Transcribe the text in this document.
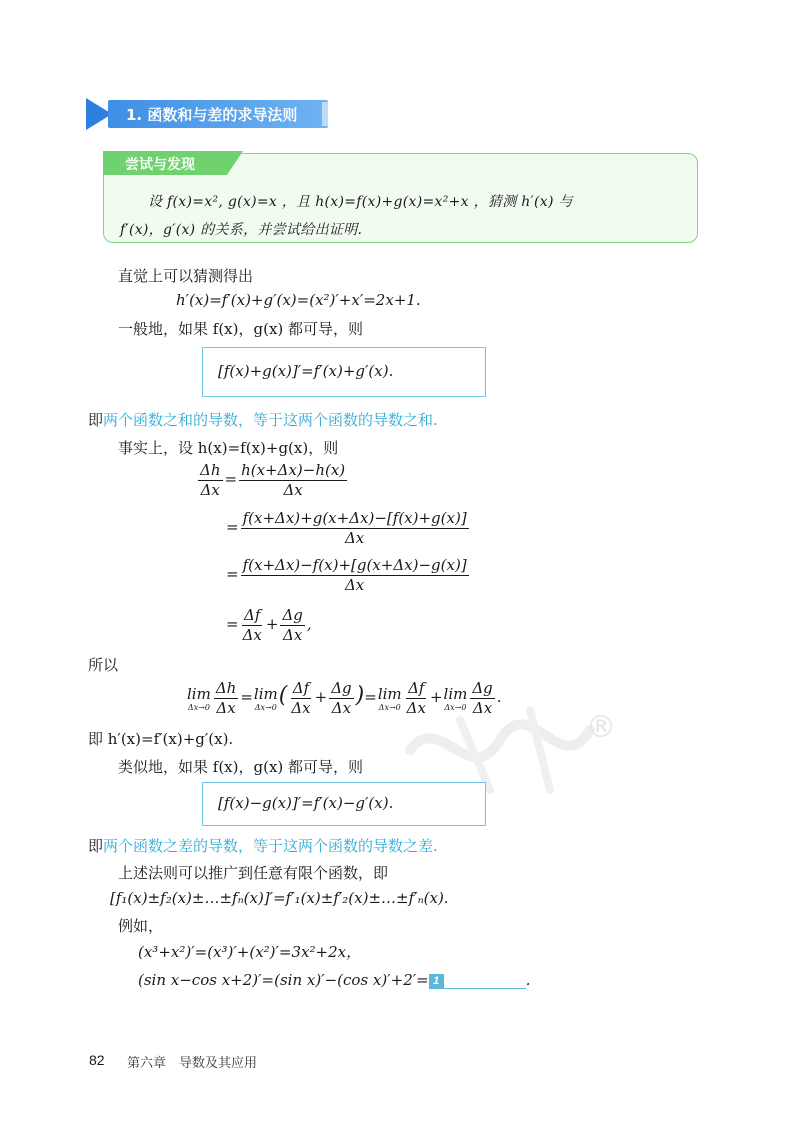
1. 函数和与差的求导法则
尝试与发现
设 f(x)=x², g(x)=x ，且 h(x)=f(x)+g(x)=x²+x ，猜测 h′(x) 与
f′(x)，g′(x) 的关系，并尝试给出证明.
直觉上可以猜测得出
h′(x)=f′(x)+g′(x)=(x²)′+x′=2x+1.
一般地，如果 f(x)，g(x) 都可导，则
[f(x)+g(x)]′=f′(x)+g′(x).
即两个函数之和的导数，等于这两个函数的导数之和.
事实上，设 h(x)=f(x)+g(x)，则
$\frac{\Delta h}{\Delta x} = \frac{h(x+\Delta x)-h(x)}{\Delta x}$
= $\frac{f(x+\Delta x)+g(x+\Delta x)-[f(x)+g(x)]}{\Delta x}$
= $\frac{f(x+\Delta x)-f(x)+[g(x+\Delta x)-g(x)]}{\Delta x}$
= $\frac{\Delta f}{\Delta x} + \frac{\Delta g}{\Delta x}$ ,
所以
lim
$\Delta x\to 0 \frac{\Delta h}{\Delta x} = \lim$
Δx→0 ( $\frac{\Delta f}{\Delta x} + \frac{\Delta g}{\Delta x}$ )= lim
$\Delta x\to 0 \frac{\Delta f}{\Delta x} + \lim$
$\Delta x\to 0 \frac{\Delta g}{\Delta x}$ .
即 h′(x)=f′(x)+g′(x).	®
类似地，如果 f(x)，g(x) 都可导，则
[f(x)−g(x)]′=f′(x)−g′(x).
即两个函数之差的导数，等于这两个函数的导数之差.
上述法则可以推广到任意有限个函数，即
[f₁(x)±f₂(x)±…±fₙ(x)]′=f′₁(x)±f′₂(x)±…±f′ₙ(x).
例如，
(x³+x²)′=(x³)′+(x²)′=3x²+2x，
(sin x−cos x+2)′=(sin x)′−(cos x)′+2′= 1	.
82 第六章　导数及其应用
